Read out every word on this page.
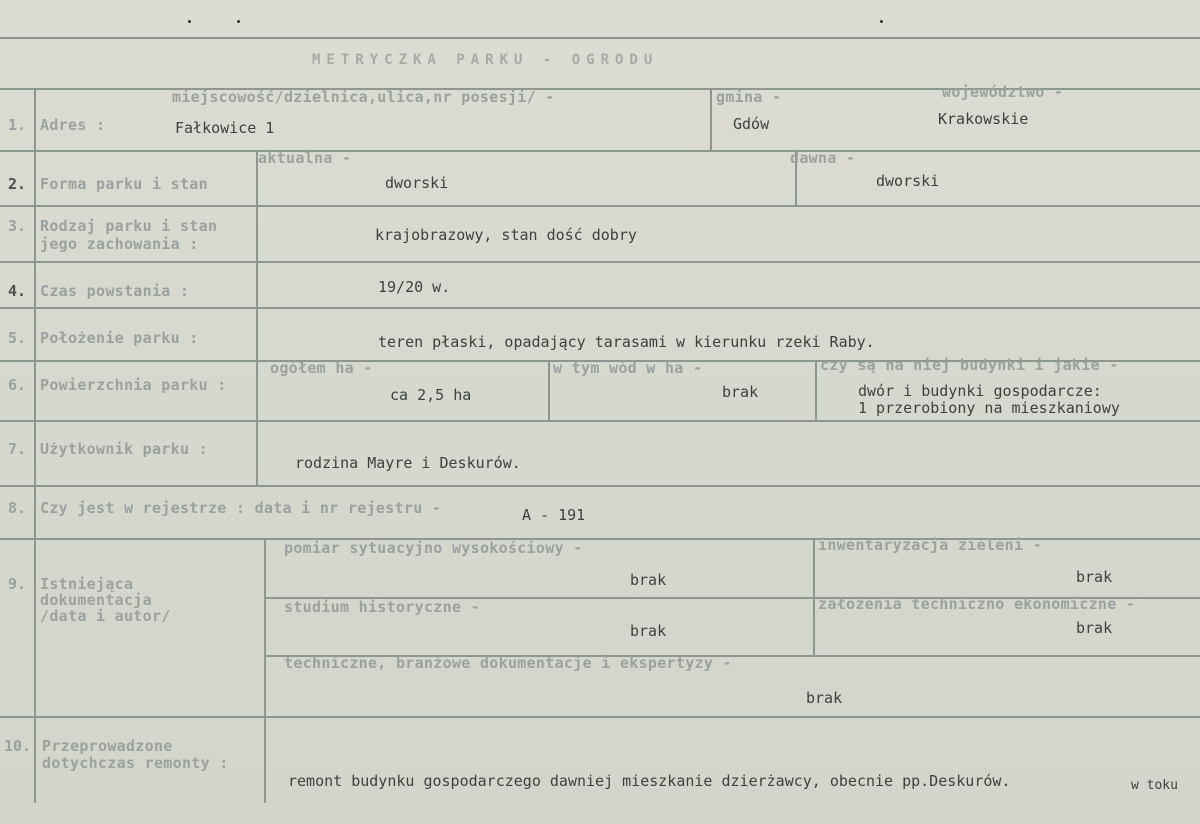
METRYCZKA PARKU - OGRODU
1. Adres :
miejscowość/dzielnica,ulica,nr posesji/ -
Fałkowice 1
gmina -
Gdów
województwo -
Krakowskie
2. Forma parku i stan
aktualna -
dworski
dawna -
dworski
3. Rodzaj parku i stan
jego zachowania :	krajobrazowy, stan dość dobry
4. Czas powstania :	19/20 w.
5. Położenie parku :	teren płaski, opadający tarasami w kierunku rzeki Raby.
6. Powierzchnia parku :
ogółem ha -
ca 2,5 ha
w tym wód w ha -
brak
czy są na niej budynki i jakie -
dwór i budynki gospodarcze:
1 przerobiony na mieszkaniowy
7. Użytkownik parku :
rodzina Mayre i Deskurów.
8. Czy jest w rejestrze : data i nr rejestru -	A - 191
9. Istniejąca
dokumentacja
/data i autor/
pomiar sytuacyjno wysokościowy -
brak
inwentaryzacja zieleni -
brak
studium historyczne -
brak
założenia techniczno ekonomiczne -
brak
techniczne, branżowe dokumentacje i ekspertyzy -
brak
10. Przeprowadzone
dotychczas remonty :
remont budynku gospodarczego dawniej mieszkanie dzierżawcy, obecnie pp.Deskurów.	w toku
